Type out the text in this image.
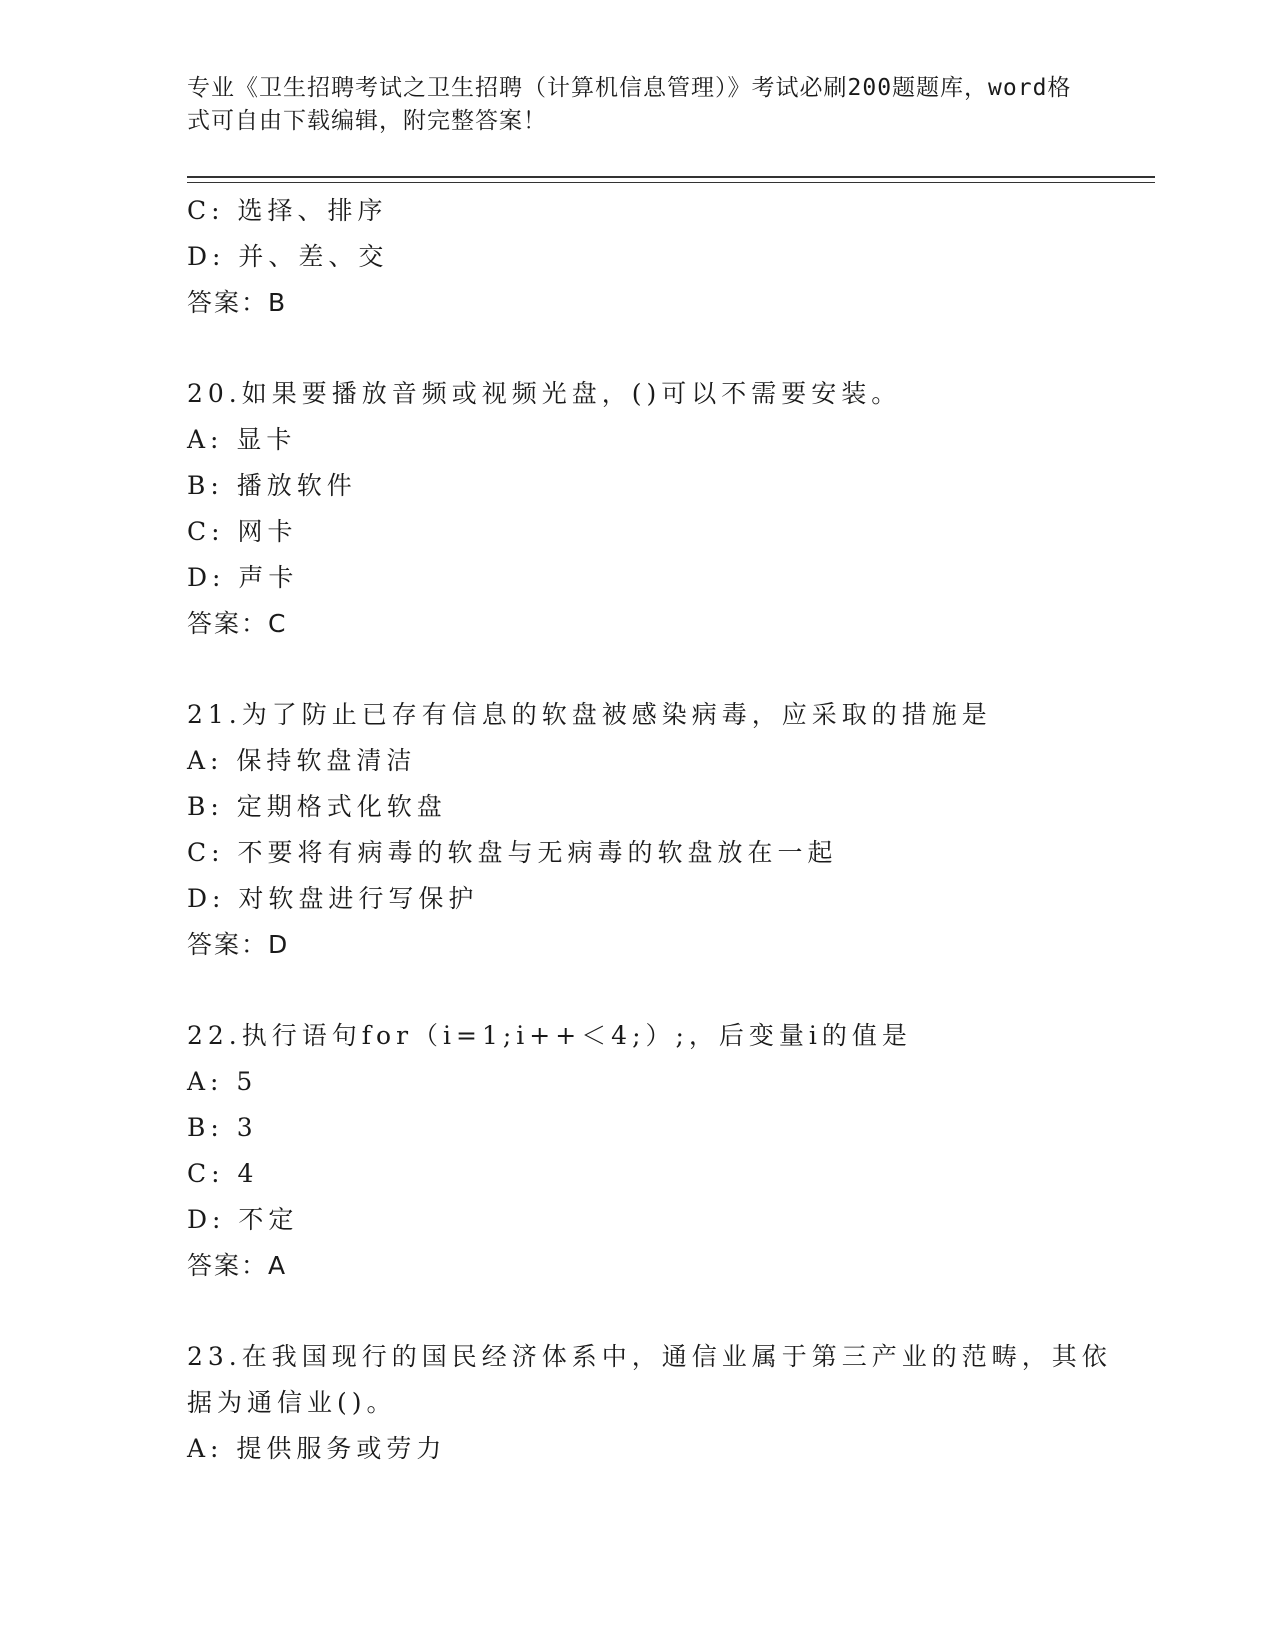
专业《卫生招聘考试之卫生招聘（计算机信息管理）》考试必刷200题题库，word格式可自由下载编辑，附完整答案！
C: 选择、排序
D: 并、差、交
答案：B
20.如果要播放音频或视频光盘，()可以不需要安装。
A: 显卡
B: 播放软件
C: 网卡
D: 声卡
答案：C
21.为了防止已存有信息的软盘被感染病毒，应采取的措施是
A: 保持软盘清洁
B: 定期格式化软盘
C: 不要将有病毒的软盘与无病毒的软盘放在一起
D: 对软盘进行写保护
答案：D
22.执行语句for（i=1;i++＜4;）;，后变量i的值是
A: 5
B: 3
C: 4
D: 不定
答案：A
23.在我国现行的国民经济体系中，通信业属于第三产业的范畴，其依
据为通信业()。
A: 提供服务或劳力
